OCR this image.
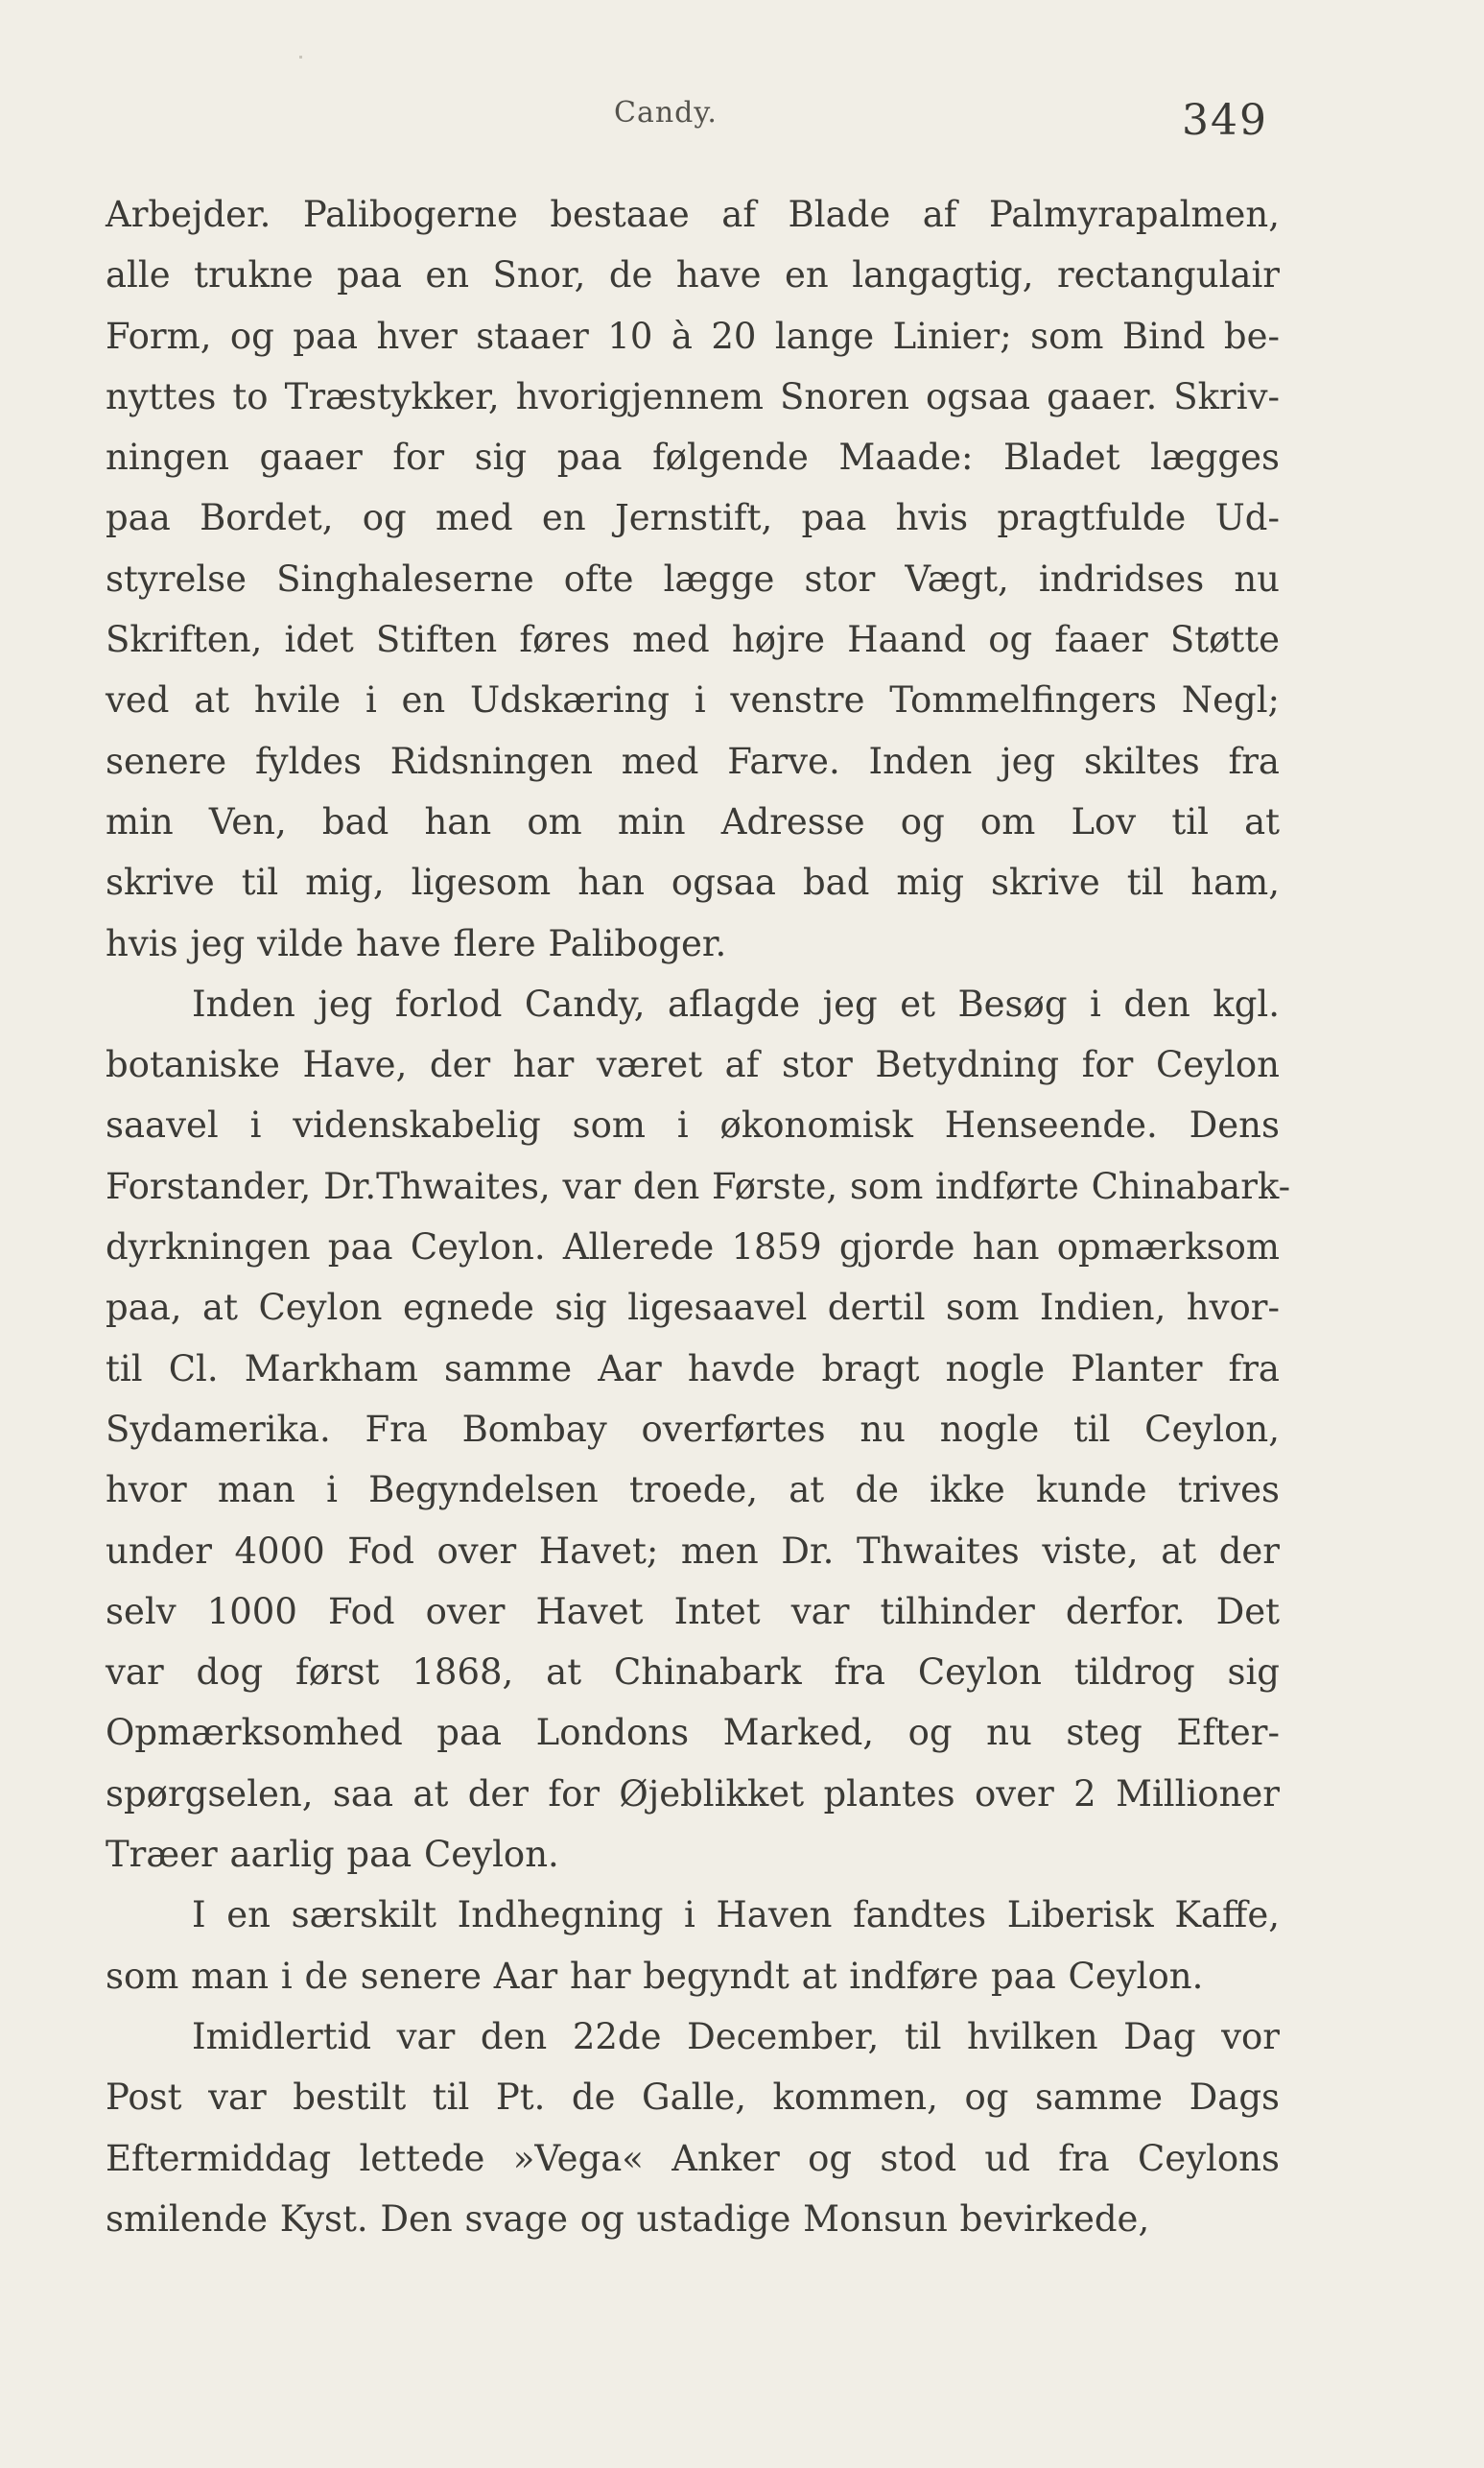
Candy.	349
Arbejder. Palibogerne bestaae af Blade af Palmyrapalmen,
alle trukne paa en Snor, de have en langagtig, rectangulair
Form, og paa hver staaer 10 à 20 lange Linier; som Bind be-
nyttes to Træstykker, hvorigjennem Snoren ogsaa gaaer. Skriv-
ningen gaaer for sig paa følgende Maade: Bladet lægges
paa Bordet, og med en Jernstift, paa hvis pragtfulde Ud-
styrelse Singhaleserne ofte lægge stor Vægt, indridses nu
Skriften, idet Stiften føres med højre Haand og faaer Støtte
ved at hvile i en Udskæring i venstre Tommelfingers Negl;
senere fyldes Ridsningen med Farve. Inden jeg skiltes fra
min Ven, bad han om min Adresse og om Lov til at
skrive til mig, ligesom han ogsaa bad mig skrive til ham,
hvis jeg vilde have flere Paliboger.
Inden jeg forlod Candy, aflagde jeg et Besøg i den kgl.
botaniske Have, der har været af stor Betydning for Ceylon
saavel i videnskabelig som i økonomisk Henseende. Dens
Forstander, Dr.Thwaites, var den Første, som indførte Chinabark-
dyrkningen paa Ceylon. Allerede 1859 gjorde han opmærksom
paa, at Ceylon egnede sig ligesaavel dertil som Indien, hvor-
til Cl. Markham samme Aar havde bragt nogle Planter fra
Sydamerika. Fra Bombay overførtes nu nogle til Ceylon,
hvor man i Begyndelsen troede, at de ikke kunde trives
under 4000 Fod over Havet; men Dr. Thwaites viste, at der
selv 1000 Fod over Havet Intet var tilhinder derfor. Det
var dog først 1868, at Chinabark fra Ceylon tildrog sig
Opmærksomhed paa Londons Marked, og nu steg Efter-
spørgselen, saa at der for Øjeblikket plantes over 2 Millioner
Træer aarlig paa Ceylon.
I en særskilt Indhegning i Haven fandtes Liberisk Kaffe,
som man i de senere Aar har begyndt at indføre paa Ceylon.
Imidlertid var den 22de December, til hvilken Dag vor
Post var bestilt til Pt. de Galle, kommen, og samme Dags
Eftermiddag lettede »Vega« Anker og stod ud fra Ceylons
smilende Kyst. Den svage og ustadige Monsun bevirkede,
